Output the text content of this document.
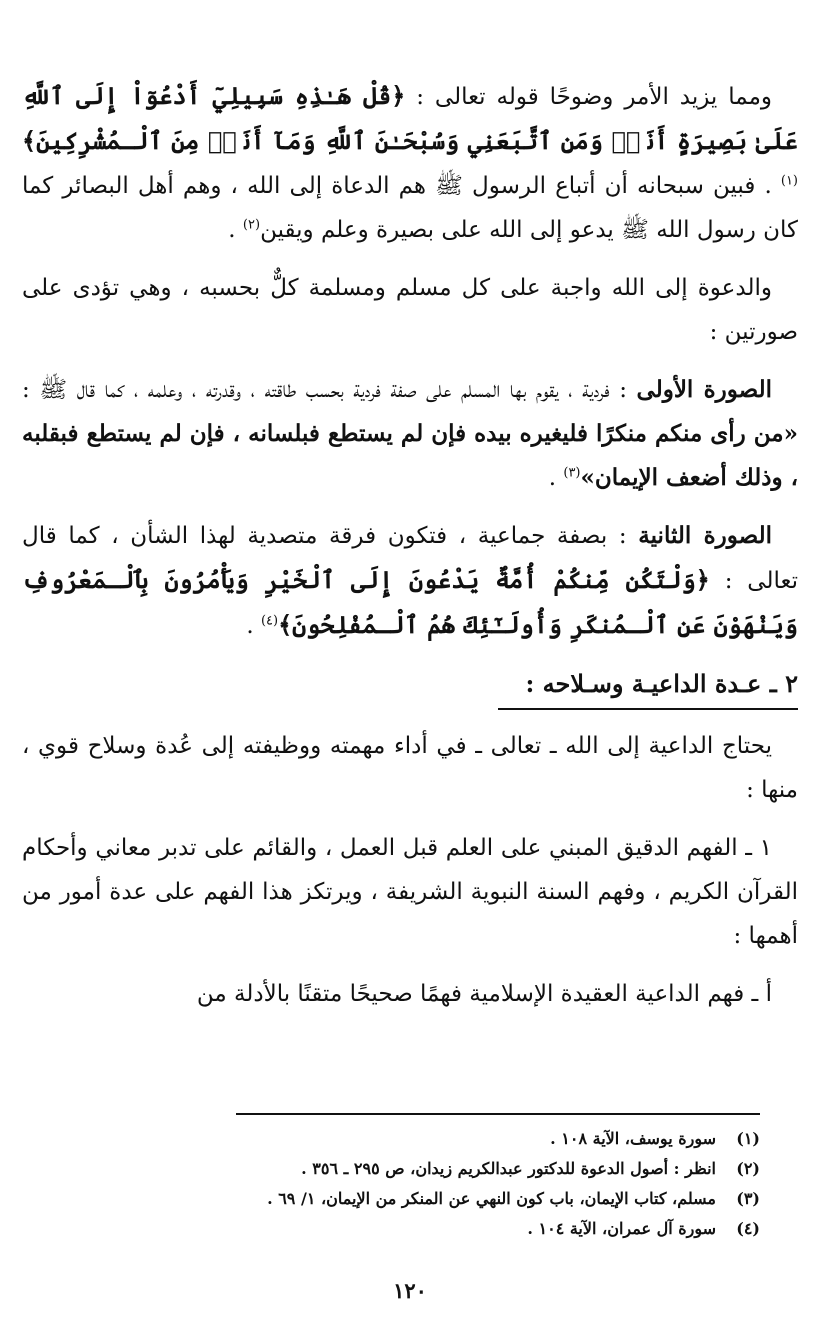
ومما يزيد الأمر وضوحًا قوله تعالى : ﴿قُلْ هَـٰذِهِ سَبِيلِيٓ أَدْعُوٓاْ إِلَى ٱللَّهِ عَلَىٰ بَصِيرَةٍ أَنَا۠ وَمَنِ ٱتَّبَعَنِي وَسُبْحَـٰنَ ٱللَّهِ وَمَآ أَنَا۠ مِنَ ٱلْـمُشْرِكِينَ﴾$^{(١)}$ . فبين سبحانه أن أتباع الرسول ﷺ هم الدعاة إلى الله ، وهم أهل البصائر كما كان رسول الله ﷺ يدعو إلى الله على بصيرة وعلم ويقين$^{(٢)}$ .

والدعوة إلى الله واجبة على كل مسلم ومسلمة كلٌّ بحسبه ، وهي تؤدى على صورتين :

الصورة الأولى : فردية ، يقوم بها المسلم على صفة فردية بحسب طاقته ، وقدرته ، وعلمه ، كما قال ﷺ : «من رأى منكم منكرًا فليغيره بيده فإن لم يستطع فبلسانه ، فإن لم يستطع فبقلبه ، وذلك أضعف الإيمان»$^{(٣)}$ .

الصورة الثانية : بصفة جماعية ، فتكون فرقة متصدية لهذا الشأن ، كما قال تعالى : ﴿وَلْتَكُن مِّنكُمْ أُمَّةٌ يَدْعُونَ إِلَى ٱلْخَيْرِ وَيَأْمُرُونَ بِٱلْـمَعْرُوفِ وَيَنْهَوْنَ عَنِ ٱلْـمُنكَرِ وَأُولَـٰٓئِكَ هُمُ ٱلْـمُفْلِحُونَ﴾$^{(٤)}$ .

٢ ـ عـدة الداعيـة وسـلاحه :

يحتاج الداعية إلى الله ـ تعالى ـ في أداء مهمته ووظيفته إلى عُدة وسلاح قوي ، منها :

١ ـ الفهم الدقيق المبني على العلم قبل العمل ، والقائم على تدبر معاني وأحكام القرآن الكريم ، وفهم السنة النبوية الشريفة ، ويرتكز هذا الفهم على عدة أمور من أهمها :

أ ـ فهم الداعية العقيدة الإسلامية فهمًا صحيحًا متقنًا بالأدلة من

(١)
سورة يوسف، الآية ١٠٨ .
(٢)
انظر : أصول الدعوة للدكتور عبدالكريم زيدان، ص ٢٩٥ ـ ٣٥٦ .
(٣)
مسلم، كتاب الإيمان، باب كون النهي عن المنكر من الإيمان، ١/ ٦٩ .
(٤)
سورة آل عمران، الآية ١٠٤ .
١٢٠
